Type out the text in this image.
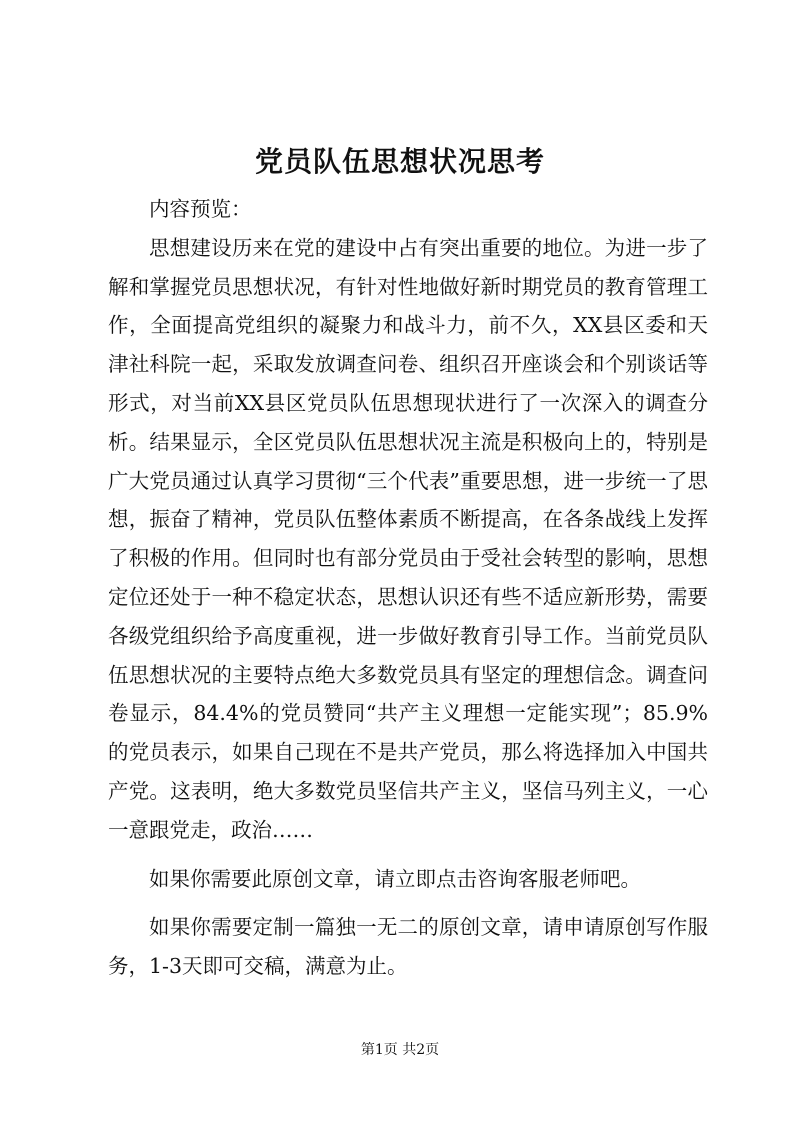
党员队伍思想状况思考

内容预览：

思想建设历来在党的建设中占有突出重要的地位。为进一步了解和掌握党员思想状况，有针对性地做好新时期党员的教育管理工作，全面提高党组织的凝聚力和战斗力，前不久，XX县区委和天津社科院一起，采取发放调查问卷、组织召开座谈会和个别谈话等形式，对当前XX县区党员队伍思想现状进行了一次深入的调查分析。结果显示，全区党员队伍思想状况主流是积极向上的，特别是广大党员通过认真学习贯彻“三个代表”重要思想，进一步统一了思想，振奋了精神，党员队伍整体素质不断提高，在各条战线上发挥了积极的作用。但同时也有部分党员由于受社会转型的影响，思想定位还处于一种不稳定状态，思想认识还有些不适应新形势，需要各级党组织给予高度重视，进一步做好教育引导工作。当前党员队伍思想状况的主要特点绝大多数党员具有坚定的理想信念。调查问卷显示，84.4%的党员赞同“共产主义理想一定能实现”；85.9%的党员表示，如果自己现在不是共产党员，那么将选择加入中国共产党。这表明，绝大多数党员坚信共产主义，坚信马列主义，一心一意跟党走，政治……

如果你需要此原创文章，请立即点击咨询客服老师吧。

如果你需要定制一篇独一无二的原创文章，请申请原创写作服务，1-3天即可交稿，满意为止。

第1页 共2页
